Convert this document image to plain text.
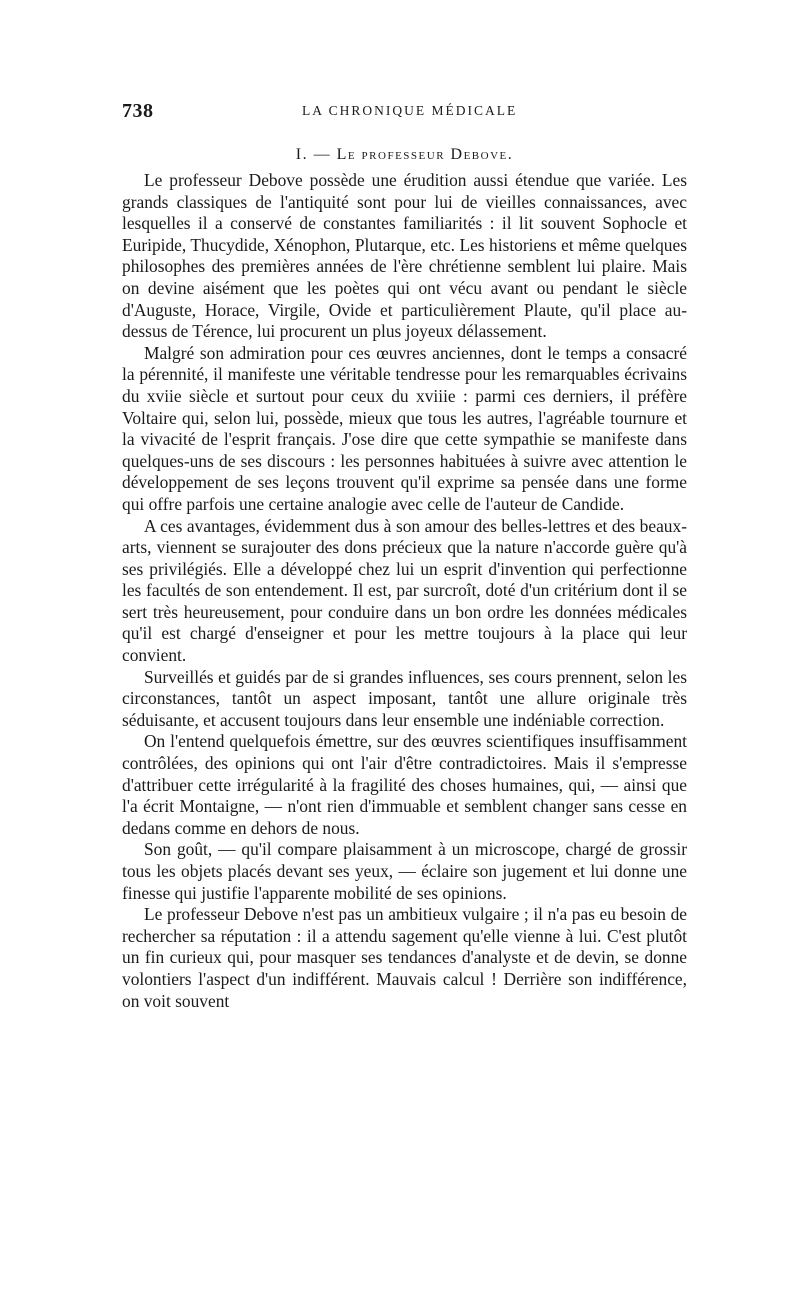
738	LA CHRONIQUE MÉDICALE
I. — Le professeur Debove.

Le professeur Debove possède une érudition aussi étendue que variée. Les grands classiques de l'antiquité sont pour lui de vieilles connaissances, avec lesquelles il a conservé de constantes familiarités : il lit souvent Sophocle et Euripide, Thucydide, Xénophon, Plutarque, etc. Les historiens et même quelques philosophes des premières années de l'ère chrétienne semblent lui plaire. Mais on devine aisément que les poètes qui ont vécu avant ou pendant le siècle d'Auguste, Horace, Virgile, Ovide et particulièrement Plaute, qu'il place au-dessus de Térence, lui procurent un plus joyeux délassement.

Malgré son admiration pour ces œuvres anciennes, dont le temps a consacré la pérennité, il manifeste une véritable tendresse pour les remarquables écrivains du xviie siècle et surtout pour ceux du xviiie : parmi ces derniers, il préfère Voltaire qui, selon lui, possède, mieux que tous les autres, l'agréable tournure et la vivacité de l'esprit français. J'ose dire que cette sympathie se manifeste dans quelques-uns de ses discours : les personnes habituées à suivre avec attention le développement de ses leçons trouvent qu'il exprime sa pensée dans une forme qui offre parfois une certaine analogie avec celle de l'auteur de Candide.

A ces avantages, évidemment dus à son amour des belles-lettres et des beaux-arts, viennent se surajouter des dons précieux que la nature n'accorde guère qu'à ses privilégiés. Elle a développé chez lui un esprit d'invention qui perfectionne les facultés de son entendement. Il est, par surcroît, doté d'un critérium dont il se sert très heureusement, pour conduire dans un bon ordre les données médicales qu'il est chargé d'enseigner et pour les mettre toujours à la place qui leur convient.

Surveillés et guidés par de si grandes influences, ses cours prennent, selon les circonstances, tantôt un aspect imposant, tantôt une allure originale très séduisante, et accusent toujours dans leur ensemble une indéniable correction.

On l'entend quelquefois émettre, sur des œuvres scientifiques insuffisamment contrôlées, des opinions qui ont l'air d'être contradictoires. Mais il s'empresse d'attribuer cette irrégularité à la fragilité des choses humaines, qui, — ainsi que l'a écrit Montaigne, — n'ont rien d'immuable et semblent changer sans cesse en dedans comme en dehors de nous.

Son goût, — qu'il compare plaisamment à un microscope, chargé de grossir tous les objets placés devant ses yeux, — éclaire son jugement et lui donne une finesse qui justifie l'apparente mobilité de ses opinions.

Le professeur Debove n'est pas un ambitieux vulgaire ; il n'a pas eu besoin de rechercher sa réputation : il a attendu sagement qu'elle vienne à lui. C'est plutôt un fin curieux qui, pour masquer ses tendances d'analyste et de devin, se donne volontiers l'aspect d'un indifférent. Mauvais calcul ! Derrière son indifférence, on voit souvent
